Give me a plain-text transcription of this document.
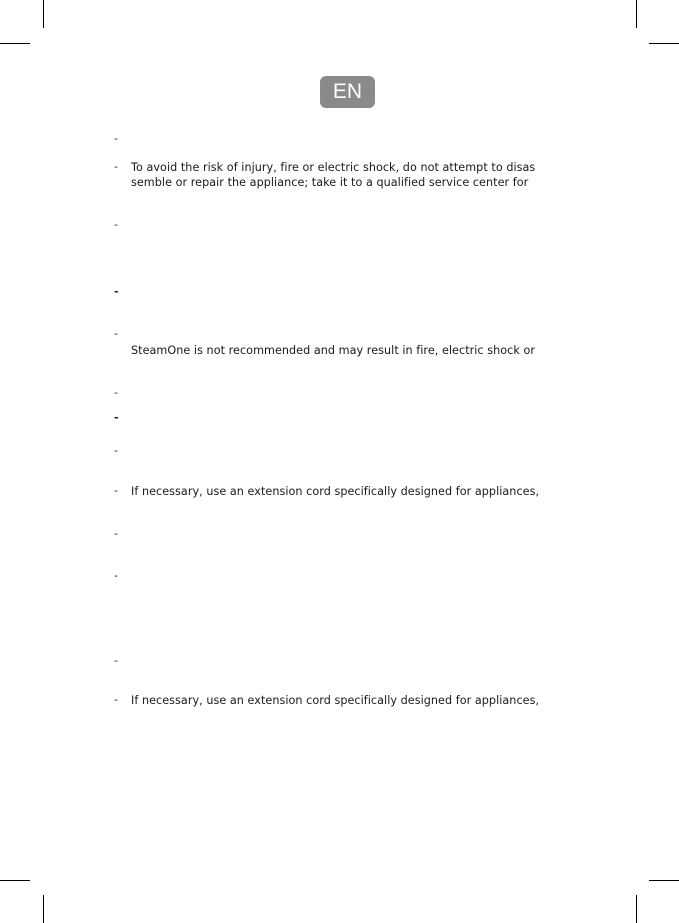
EN
-
- To avoid the risk of injury, fire or electric shock, do not attempt to disas
semble or repair the appliance; take it to a qualified service center for
-
-
-
SteamOne is not recommended and may result in fire, electric shock or
-
-
-
- If necessary, use an extension cord specifically designed for appliances,
-
-
-
- If necessary, use an extension cord specifically designed for appliances,
